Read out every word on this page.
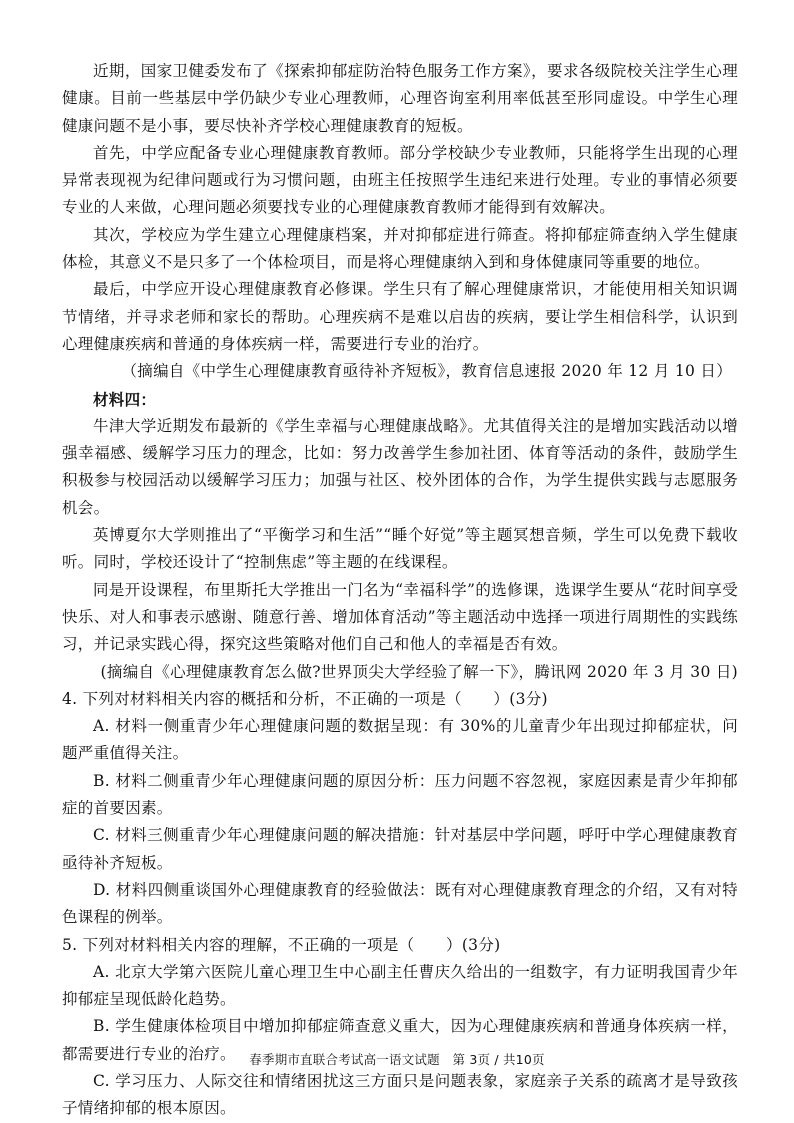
近期，国家卫健委发布了《探索抑郁症防治特色服务工作方案》，要求各级院校关注学生心理健康。目前一些基层中学仍缺少专业心理教师，心理咨询室利用率低甚至形同虚设。中学生心理健康问题不是小事，要尽快补齐学校心理健康教育的短板。

首先，中学应配备专业心理健康教育教师。部分学校缺少专业教师，只能将学生出现的心理异常表现视为纪律问题或行为习惯问题，由班主任按照学生违纪来进行处理。专业的事情必须要专业的人来做，心理问题必须要找专业的心理健康教育教师才能得到有效解决。

其次，学校应为学生建立心理健康档案，并对抑郁症进行筛查。将抑郁症筛查纳入学生健康体检，其意义不是只多了一个体检项目，而是将心理健康纳入到和身体健康同等重要的地位。

最后，中学应开设心理健康教育必修课。学生只有了解心理健康常识，才能使用相关知识调节情绪，并寻求老师和家长的帮助。心理疾病不是难以启齿的疾病，要让学生相信科学，认识到心理健康疾病和普通的身体疾病一样，需要进行专业的治疗。

（摘编自《中学生心理健康教育亟待补齐短板》，教育信息速报 2020 年 12 月 10 日）

材料四：

牛津大学近期发布最新的《学生幸福与心理健康战略》。尤其值得关注的是增加实践活动以增强幸福感、缓解学习压力的理念，比如：努力改善学生参加社团、体育等活动的条件，鼓励学生积极参与校园活动以缓解学习压力；加强与社区、校外团体的合作，为学生提供实践与志愿服务机会。

英博夏尔大学则推出了“平衡学习和生活”“睡个好觉”等主题冥想音频，学生可以免费下载收听。同时，学校还设计了“控制焦虑”等主题的在线课程。

同是开设课程，布里斯托大学推出一门名为“幸福科学”的选修课，选课学生要从“花时间享受快乐、对人和事表示感谢、随意行善、增加体育活动”等主题活动中选择一项进行周期性的实践练习，并记录实践心得，探究这些策略对他们自己和他人的幸福是否有效。

(摘编自《心理健康教育怎么做?世界顶尖大学经验了解一下》，腾讯网 2020 年 3 月 30 日)

4. 下列对材料相关内容的概括和分析，不正确的一项是（　　）(3分)

A. 材料一侧重青少年心理健康问题的数据呈现：有 30%的儿童青少年出现过抑郁症状，问题严重值得关注。

B. 材料二侧重青少年心理健康问题的原因分析：压力问题不容忽视，家庭因素是青少年抑郁症的首要因素。

C. 材料三侧重青少年心理健康问题的解决措施：针对基层中学问题，呼吁中学心理健康教育亟待补齐短板。

D. 材料四侧重谈国外心理健康教育的经验做法：既有对心理健康教育理念的介绍，又有对特色课程的例举。

5. 下列对材料相关内容的理解，不正确的一项是（　　）(3分)

A. 北京大学第六医院儿童心理卫生中心副主任曹庆久给出的一组数字，有力证明我国青少年抑郁症呈现低龄化趋势。

B. 学生健康体检项目中增加抑郁症筛查意义重大，因为心理健康疾病和普通身体疾病一样，都需要进行专业的治疗。

C. 学习压力、人际交往和情绪困扰这三方面只是问题表象，家庭亲子关系的疏离才是导致孩子情绪抑郁的根本原因。

春季期市直联合考试高一语文试题　第 3页 / 共10页
